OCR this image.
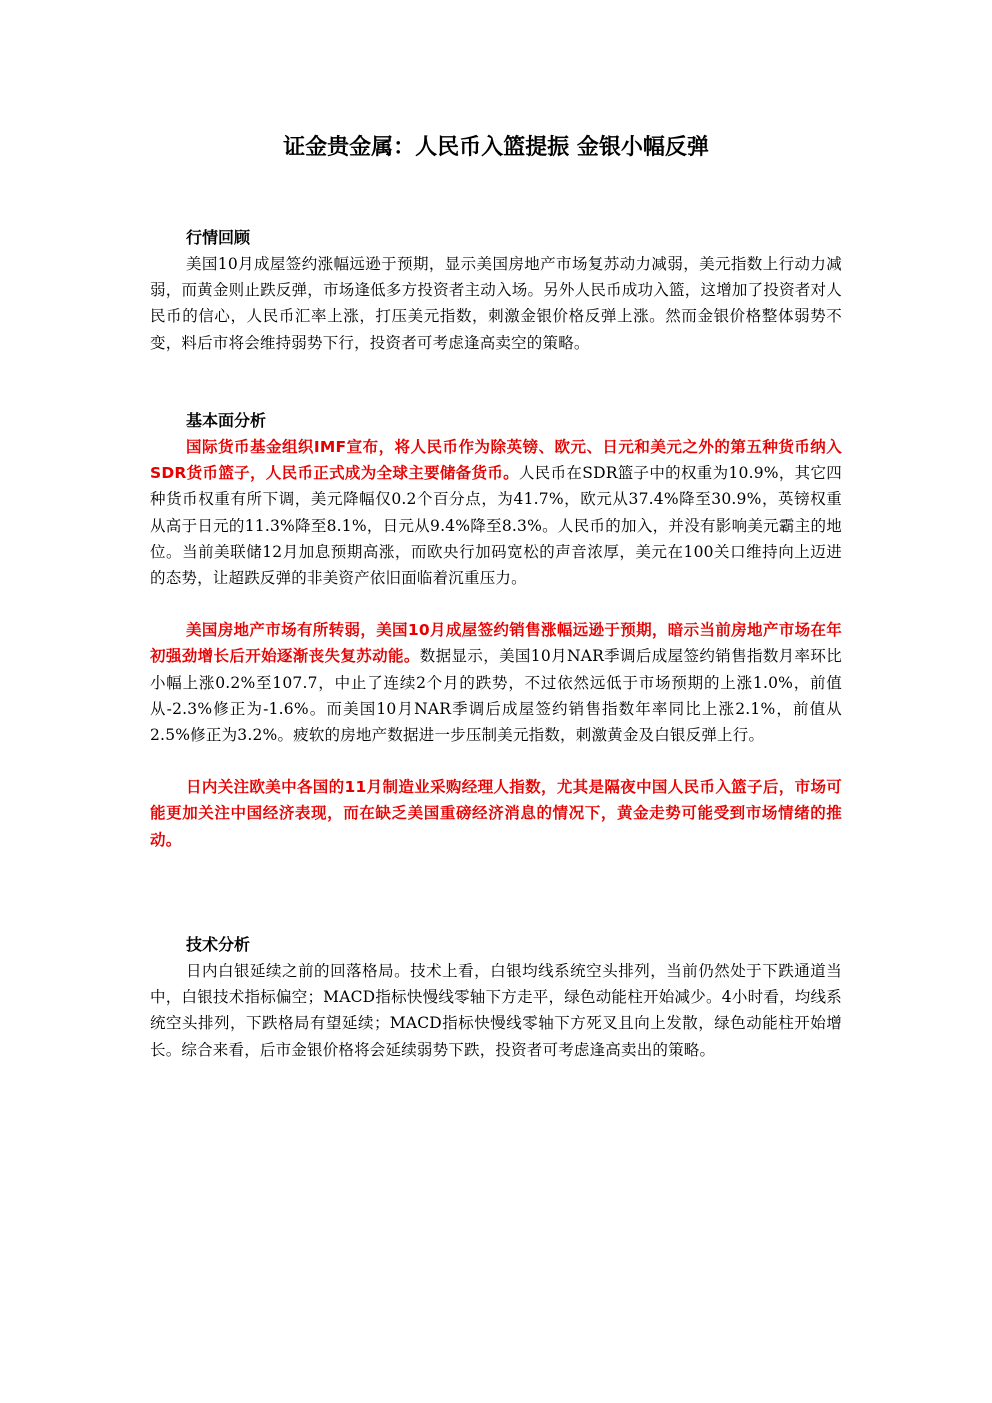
证金贵金属：人民币入篮提振 金银小幅反弹
行情回顾

美国10月成屋签约涨幅远逊于预期，显示美国房地产市场复苏动力减弱，美元指数上行动力减弱，而黄金则止跌反弹，市场逢低多方投资者主动入场。另外人民币成功入篮，这增加了投资者对人民币的信心，人民币汇率上涨，打压美元指数，刺激金银价格反弹上涨。然而金银价格整体弱势不变，料后市将会维持弱势下行，投资者可考虑逢高卖空的策略。

基本面分析

国际货币基金组织IMF宣布，将人民币作为除英镑、欧元、日元和美元之外的第五种货币纳入SDR货币篮子，人民币正式成为全球主要储备货币。人民币在SDR篮子中的权重为10.9%，其它四种货币权重有所下调，美元降幅仅0.2个百分点，为41.7%，欧元从37.4%降至30.9%，英镑权重从高于日元的11.3%降至8.1%，日元从9.4%降至8.3%。人民币的加入，并没有影响美元霸主的地位。当前美联储12月加息预期高涨，而欧央行加码宽松的声音浓厚，美元在100关口维持向上迈进的态势，让超跌反弹的非美资产依旧面临着沉重压力。

美国房地产市场有所转弱，美国10月成屋签约销售涨幅远逊于预期，暗示当前房地产市场在年初强劲增长后开始逐渐丧失复苏动能。数据显示，美国10月NAR季调后成屋签约销售指数月率环比小幅上涨0.2%至107.7，中止了连续2个月的跌势，不过依然远低于市场预期的上涨1.0%，前值从-2.3%修正为-1.6%。而美国10月NAR季调后成屋签约销售指数年率同比上涨2.1%，前值从2.5%修正为3.2%。疲软的房地产数据进一步压制美元指数，刺激黄金及白银反弹上行。

日内关注欧美中各国的11月制造业采购经理人指数，尤其是隔夜中国人民币入篮子后，市场可能更加关注中国经济表现，而在缺乏美国重磅经济消息的情况下，黄金走势可能受到市场情绪的推动。

技术分析

日内白银延续之前的回落格局。技术上看，白银均线系统空头排列，当前仍然处于下跌通道当中，白银技术指标偏空；MACD指标快慢线零轴下方走平，绿色动能柱开始减少。4小时看，均线系统空头排列，下跌格局有望延续；MACD指标快慢线零轴下方死叉且向上发散，绿色动能柱开始增长。综合来看，后市金银价格将会延续弱势下跌，投资者可考虑逢高卖出的策略。
